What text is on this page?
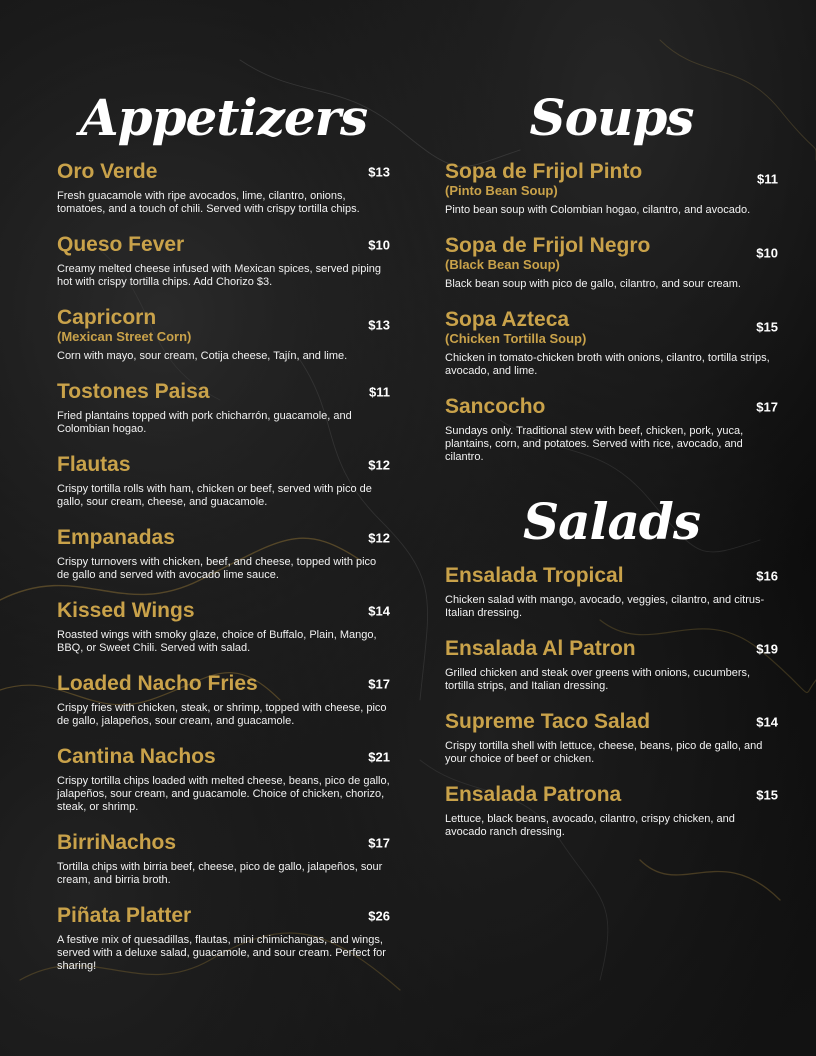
Appetizers
Oro Verde	$13
Fresh guacamole with ripe avocados, lime, cilantro, onions, tomatoes, and a touch of chili. Served with crispy tortilla chips.
Queso Fever	$10
Creamy melted cheese infused with Mexican spices, served piping hot with crispy tortilla chips. Add Chorizo $3.
Capricorn
(Mexican Street Corn)
$13
Corn with mayo, sour cream, Cotija cheese, Tajín, and lime.
Tostones Paisa	$11
Fried plantains topped with pork chicharrón, guacamole, and Colombian hogao.
Flautas	$12
Crispy tortilla rolls with ham, chicken or beef, served with pico de gallo, sour cream, cheese, and guacamole.
Empanadas	$12
Crispy turnovers with chicken, beef, and cheese, topped with pico de gallo and served with avocado lime sauce.
Kissed Wings	$14
Roasted wings with smoky glaze, choice of Buffalo, Plain, Mango, BBQ, or Sweet Chili. Served with salad.
Loaded Nacho Fries	$17
Crispy fries with chicken, steak, or shrimp, topped with cheese, pico de gallo, jalapeños, sour cream, and guacamole.
Cantina Nachos	$21
Crispy tortilla chips loaded with melted cheese, beans, pico de gallo, jalapeños, sour cream, and guacamole. Choice of chicken, chorizo, steak, or shrimp.
BirriNachos	$17
Tortilla chips with birria beef, cheese, pico de gallo, jalapeños, sour cream, and birria broth.
Piñata Platter	$26
A festive mix of quesadillas, flautas, mini chimichangas, and wings, served with a deluxe salad, guacamole, and sour cream. Perfect for sharing!
Soups
Sopa de Frijol Pinto
(Pinto Bean Soup)
$11
Pinto bean soup with Colombian hogao, cilantro, and avocado.
Sopa de Frijol Negro
(Black Bean Soup)
$10
Black bean soup with pico de gallo, cilantro, and sour cream.
Sopa Azteca
(Chicken Tortilla Soup)
$15
Chicken in tomato-chicken broth with onions, cilantro, tortilla strips, avocado, and lime.
Sancocho	$17
Sundays only. Traditional stew with beef, chicken, pork, yuca, plantains, corn, and potatoes. Served with rice, avocado, and cilantro.
Salads
Ensalada Tropical	$16
Chicken salad with mango, avocado, veggies, cilantro, and citrus-Italian dressing.
Ensalada Al Patron	$19
Grilled chicken and steak over greens with onions, cucumbers, tortilla strips, and Italian dressing.
Supreme Taco Salad	$14
Crispy tortilla shell with lettuce, cheese, beans, pico de gallo, and your choice of beef or chicken.
Ensalada Patrona	$15
Lettuce, black beans, avocado, cilantro, crispy chicken, and avocado ranch dressing.
